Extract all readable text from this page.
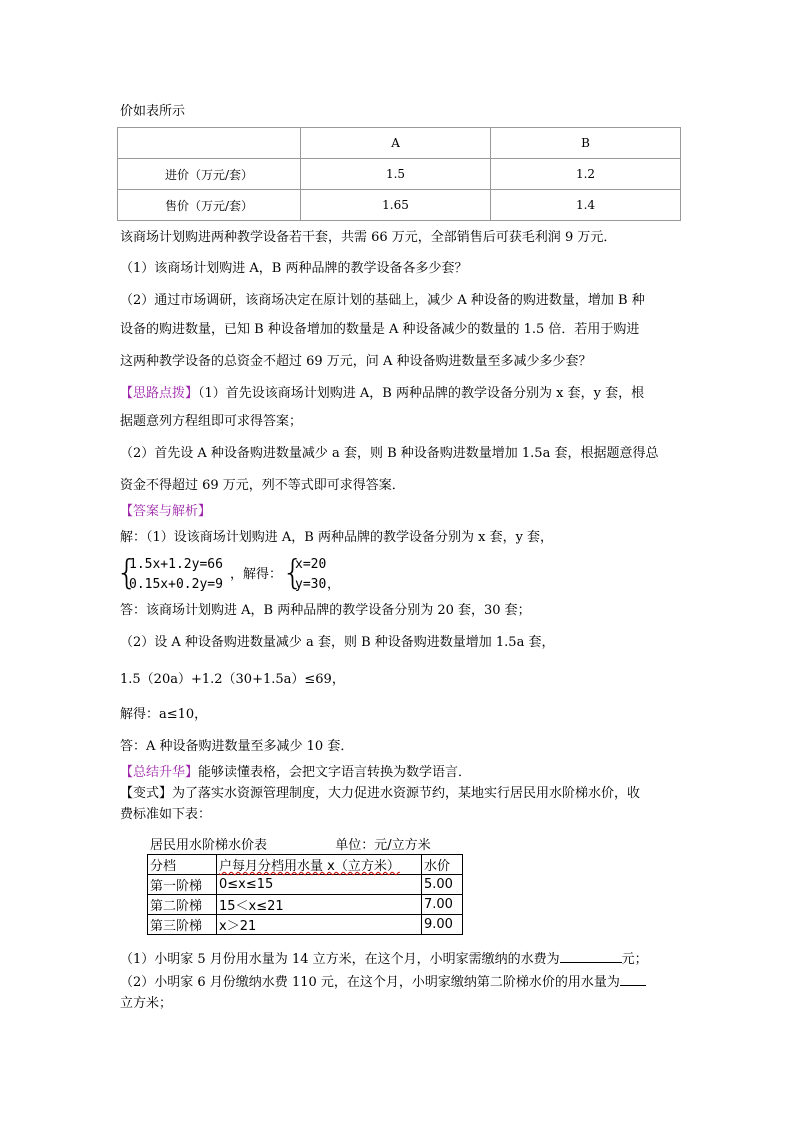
价如表所示
	A	B
进价（万元/套）	1.5	1.2
售价（万元/套）	1.65	1.4
该商场计划购进两种教学设备若干套，共需 66 万元，全部销售后可获毛利润 9 万元．
（1）该商场计划购进 A，B 两种品牌的教学设备各多少套？
（2）通过市场调研，该商场决定在原计划的基础上，减少 A 种设备的购进数量，增加 B 种
设备的购进数量，已知 B 种设备增加的数量是 A 种设备减少的数量的 1.5 倍．若用于购进
这两种教学设备的总资金不超过 69 万元，问 A 种设备购进数量至多减少多少套？
【思路点拨】（1）首先设该商场计划购进 A，B 两种品牌的教学设备分别为 x 套，y 套，根
据题意列方程组即可求得答案；
（2）首先设 A 种设备购进数量减少 a 套，则 B 种设备购进数量增加 1.5a 套，根据题意得总
资金不得超过 69 万元，列不等式即可求得答案．
【答案与解析】
解：（1）设该商场计划购进 A，B 两种品牌的教学设备分别为 x 套，y 套，
{
1.5x+1.2y=66
0.15x+0.2y=9
，解得： {
x=20
y=30 ，
答：该商场计划购进 A，B 两种品牌的教学设备分别为 20 套，30 套；
（2）设 A 种设备购进数量减少 a 套，则 B 种设备购进数量增加 1.5a 套，
1.5（20a）+1.2（30+1.5a）≤69，
解得：a≤10，
答：A 种设备购进数量至多减少 10 套．
【总结升华】能够读懂表格，会把文字语言转换为数学语言．
【变式】为了落实水资源管理制度，大力促进水资源节约，某地实行居民用水阶梯水价，收
费标准如下表：
居民用水阶梯水价表	单位：元/立方米
分档	户每月分档用水量 x（立方米）	水价
第一阶梯	0≤x≤15	5.00
第二阶梯	15＜x≤21	7.00
第三阶梯	x＞21	9.00
（1）小明家 5 月份用水量为 14 立方米，在这个月，小明家需缴纳的水费为	元；
（2）小明家 6 月份缴纳水费 110 元，在这个月，小明家缴纳第二阶梯水价的用水量为
立方米；
